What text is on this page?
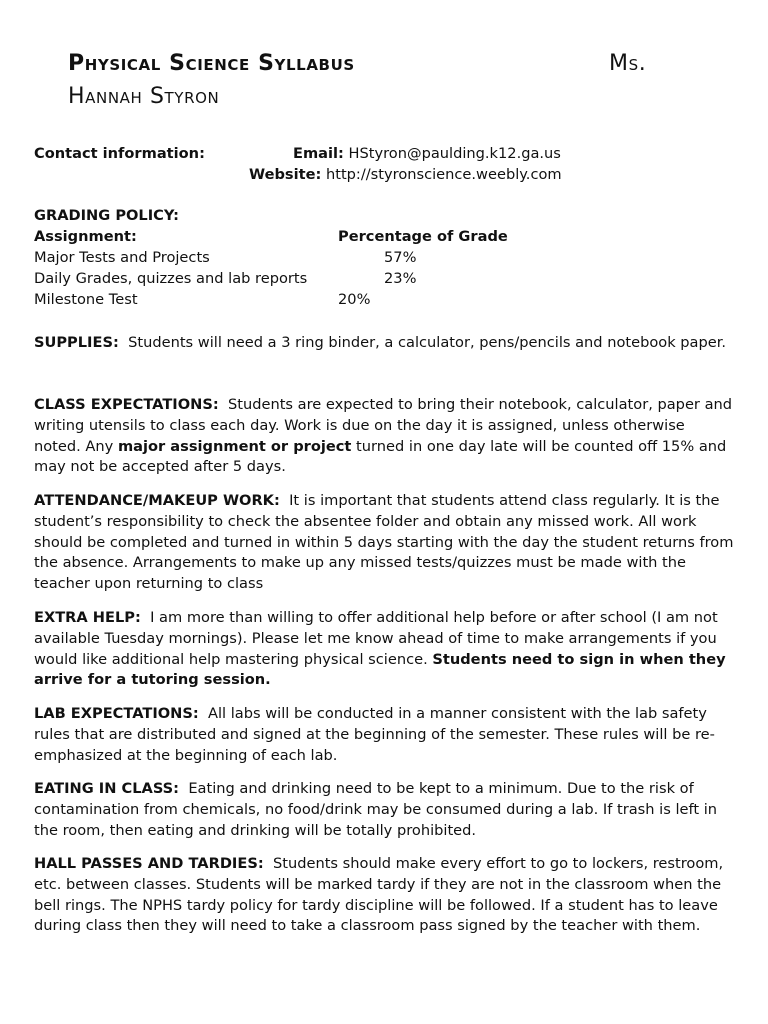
Physical Science Syllabus	Ms.
Hannah Styron
Contact information:	Email: HStyron@paulding.k12.ga.us
Website: http://styronscience.weebly.com
GRADING POLICY:
Assignment:	Percentage of Grade
Major Tests and Projects	57%
Daily Grades, quizzes and lab reports	23%
Milestone Test	20%

SUPPLIES: Students will need a 3 ring binder, a calculator, pens/pencils and notebook paper.

CLASS EXPECTATIONS: Students are expected to bring their notebook, calculator, paper and writing utensils to class each day. Work is due on the day it is assigned, unless otherwise noted. Any major assignment or project turned in one day late will be counted off 15% and may not be accepted after 5 days.

ATTENDANCE/MAKEUP WORK: It is important that students attend class regularly. It is the student’s responsibility to check the absentee folder and obtain any missed work. All work should be completed and turned in within 5 days starting with the day the student returns from the absence. Arrangements to make up any missed tests/quizzes must be made with the teacher upon returning to class

EXTRA HELP: I am more than willing to offer additional help before or after school (I am not available Tuesday mornings). Please let me know ahead of time to make arrangements if you would like additional help mastering physical science. Students need to sign in when they arrive for a tutoring session.

LAB EXPECTATIONS: All labs will be conducted in a manner consistent with the lab safety rules that are distributed and signed at the beginning of the semester. These rules will be re-emphasized at the beginning of each lab.

EATING IN CLASS: Eating and drinking need to be kept to a minimum. Due to the risk of contamination from chemicals, no food/drink may be consumed during a lab. If trash is left in the room, then eating and drinking will be totally prohibited.

HALL PASSES AND TARDIES: Students should make every effort to go to lockers, restroom, etc. between classes. Students will be marked tardy if they are not in the classroom when the bell rings. The NPHS tardy policy for tardy discipline will be followed. If a student has to leave during class then they will need to take a classroom pass signed by the teacher with them.
